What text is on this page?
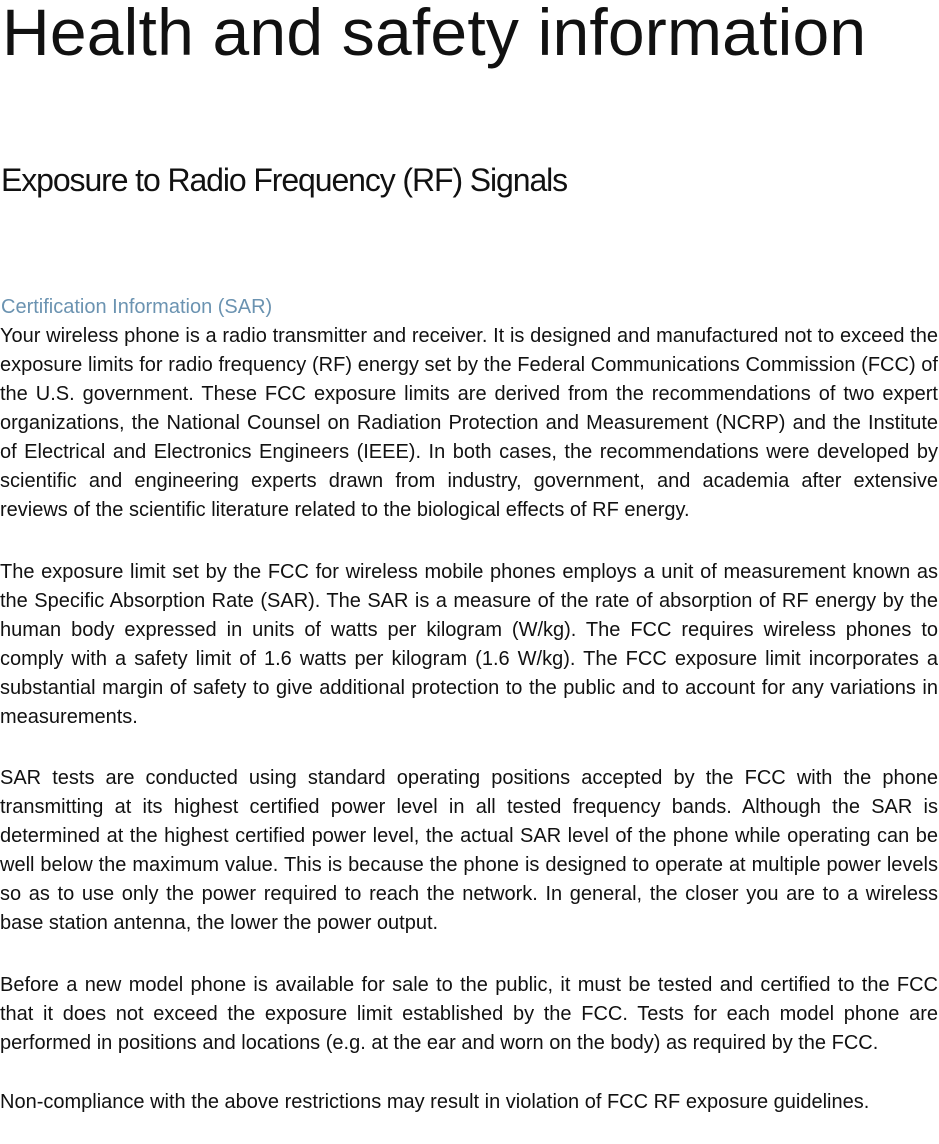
Health and safety information
Exposure to Radio Frequency (RF) Signals
Certification Information (SAR)

Your wireless phone is a radio transmitter and receiver. It is designed and manufactured not to exceed the exposure limits for radio frequency (RF) energy set by the Federal Communications Commission (FCC) of the U.S. government. These FCC exposure limits are derived from the recommendations of two expert organizations, the National Counsel on Radiation Protection and Measurement (NCRP) and the Institute of Electrical and Electronics Engineers (IEEE). In both cases, the recommendations were developed by scientific and engineering experts drawn from industry, government, and academia after extensive reviews of the scientific literature related to the biological effects of RF energy.

The exposure limit set by the FCC for wireless mobile phones employs a unit of measurement known as the Specific Absorption Rate (SAR). The SAR is a measure of the rate of absorption of RF energy by the human body expressed in units of watts per kilogram (W/kg). The FCC requires wireless phones to comply with a safety limit of 1.6 watts per kilogram (1.6 W/kg). The FCC exposure limit incorporates a substantial margin of safety to give additional protection to the public and to account for any variations in measurements.

SAR tests are conducted using standard operating positions accepted by the FCC with the phone transmitting at its highest certified power level in all tested frequency bands. Although the SAR is determined at the highest certified power level, the actual SAR level of the phone while operating can be well below the maximum value. This is because the phone is designed to operate at multiple power levels so as to use only the power required to reach the network. In general, the closer you are to a wireless base station antenna, the lower the power output.

Before a new model phone is available for sale to the public, it must be tested and certified to the FCC that it does not exceed the exposure limit established by the FCC. Tests for each model phone are performed in positions and locations (e.g. at the ear and worn on the body) as required by the FCC.

Non-compliance with the above restrictions may result in violation of FCC RF exposure guidelines.
